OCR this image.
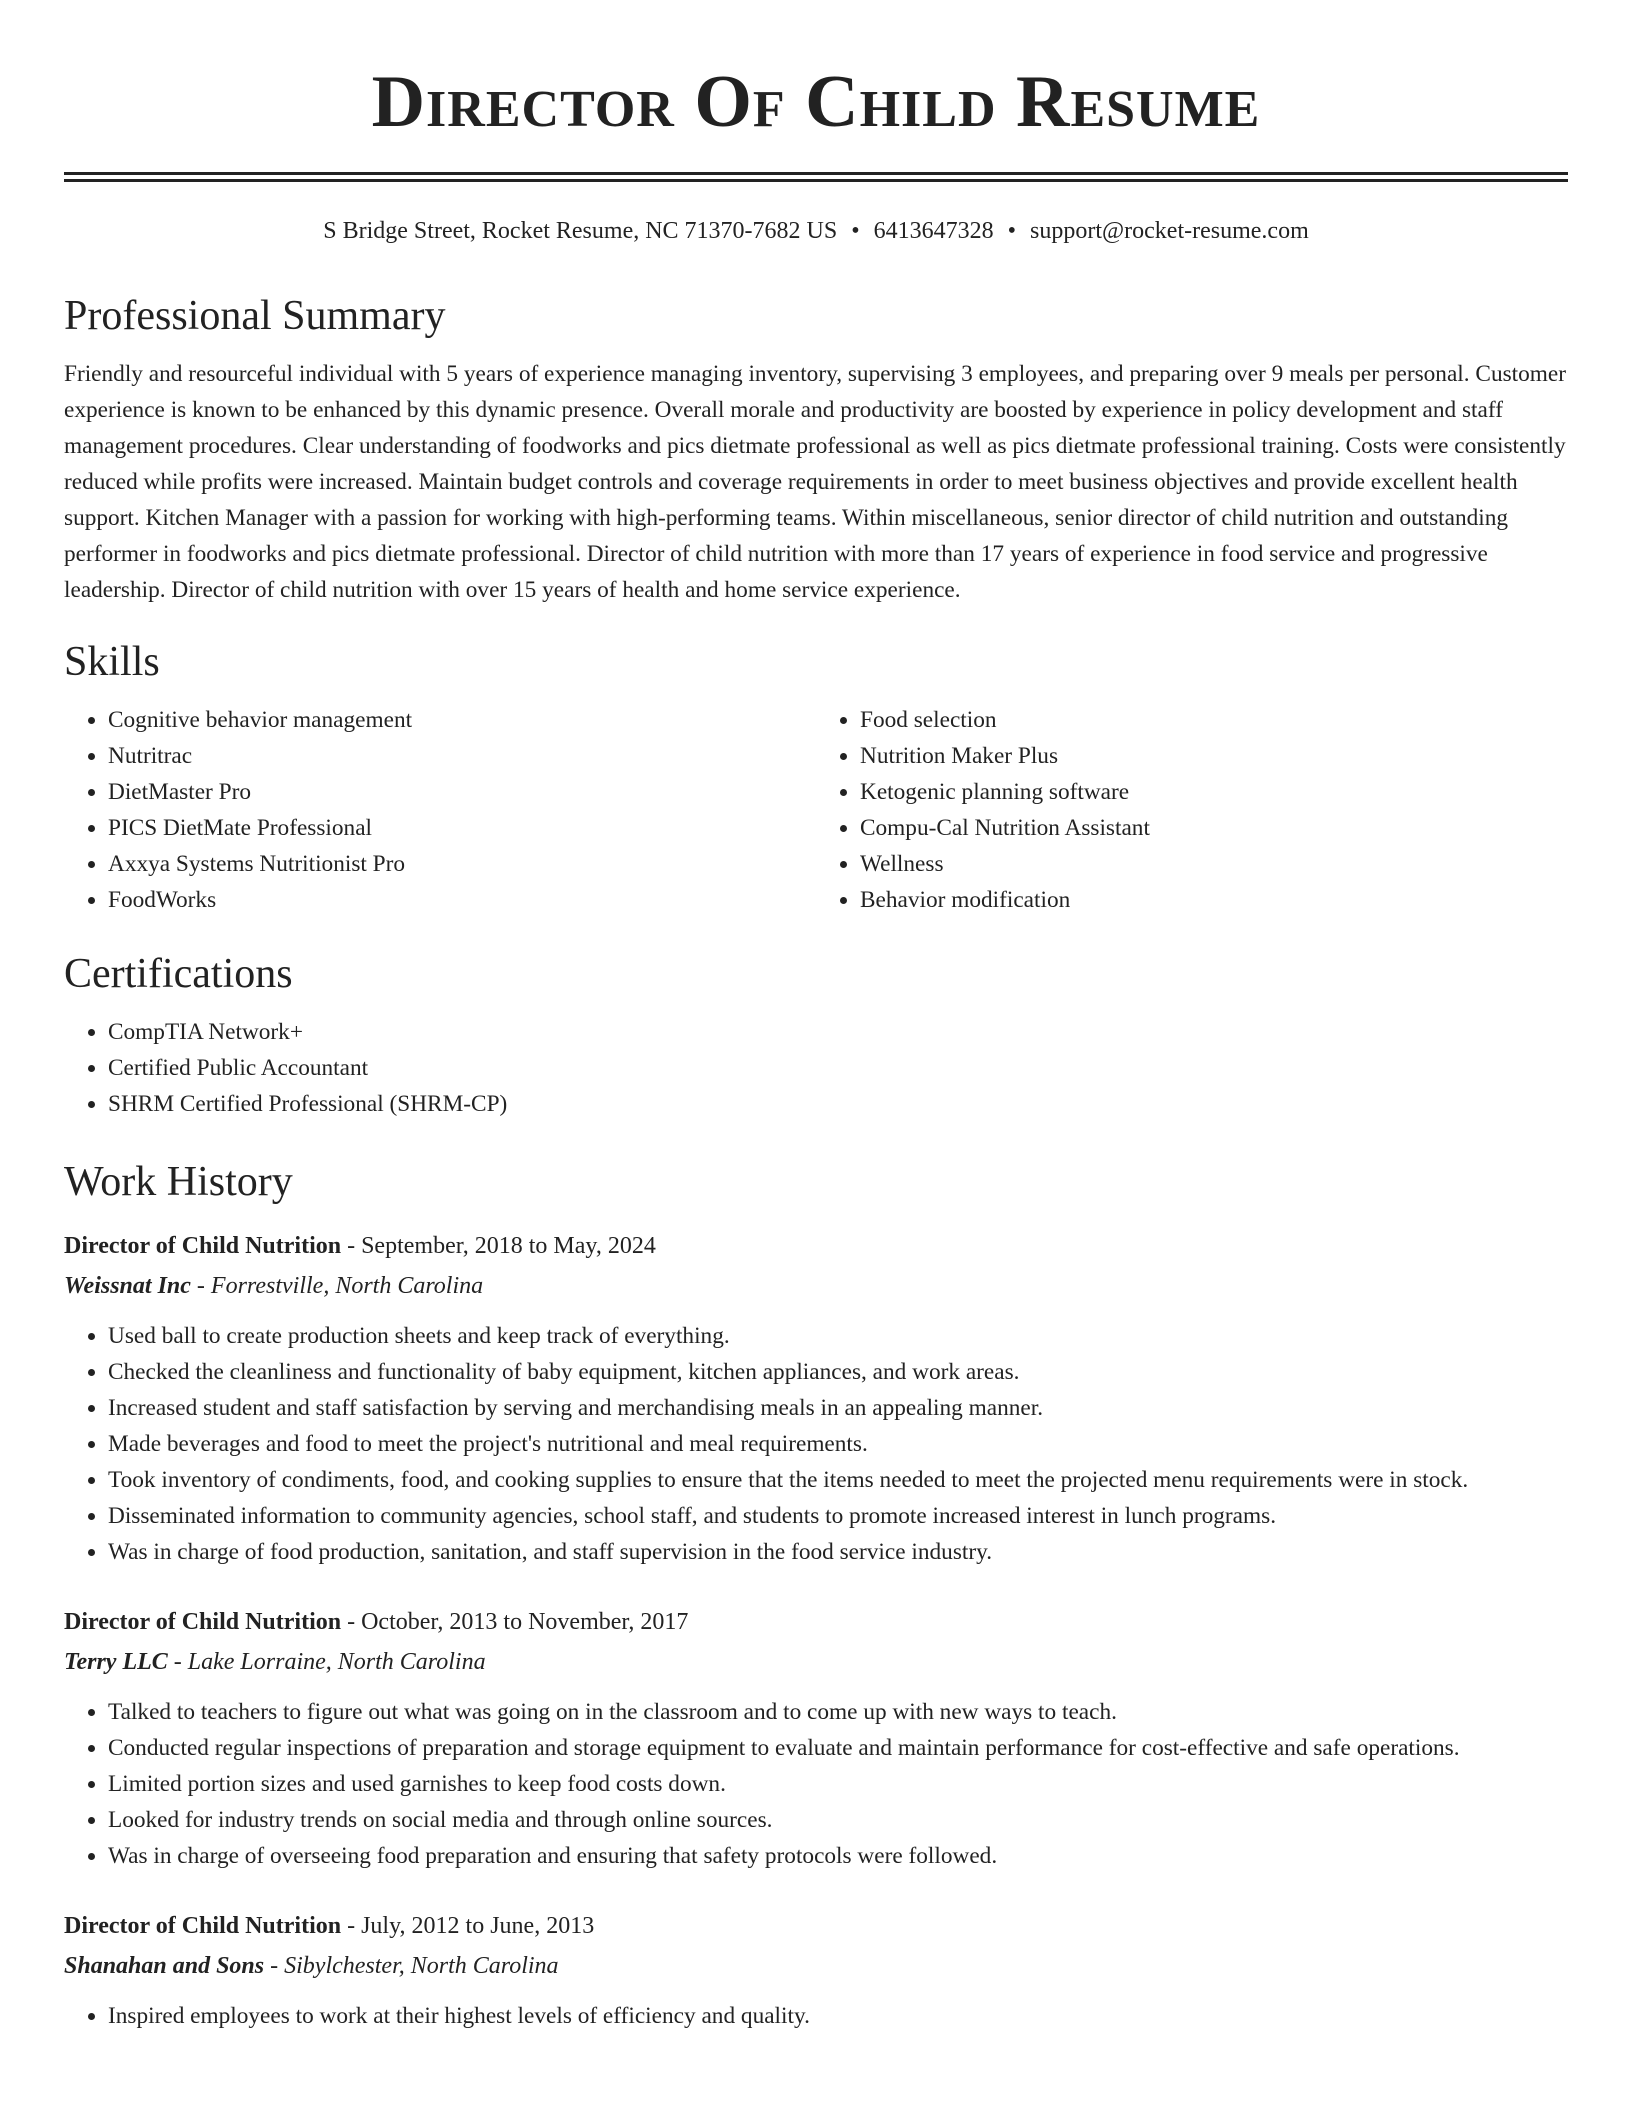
Director Of Child Resume
S Bridge Street, Rocket Resume, NC 71370-7682 US • 6413647328 • support@rocket-resume.com
Professional Summary

Friendly and resourceful individual with 5 years of experience managing inventory, supervising 3 employees, and preparing over 9 meals per personal. Customer experience is known to be enhanced by this dynamic presence. Overall morale and productivity are boosted by experience in policy development and staff management procedures. Clear understanding of foodworks and pics dietmate professional as well as pics dietmate professional training. Costs were consistently reduced while profits were increased. Maintain budget controls and coverage requirements in order to meet business objectives and provide excellent health support. Kitchen Manager with a passion for working with high-performing teams. Within miscellaneous, senior director of child nutrition and outstanding performer in foodworks and pics dietmate professional. Director of child nutrition with more than 17 years of experience in food service and progressive leadership. Director of child nutrition with over 15 years of health and home service experience.

Skills
• Cognitive behavior management
• Nutritrac
• DietMaster Pro
• PICS DietMate Professional
• Axxya Systems Nutritionist Pro
• FoodWorks
• Food selection
• Nutrition Maker Plus
• Ketogenic planning software
• Compu-Cal Nutrition Assistant
• Wellness
• Behavior modification
Certifications
• CompTIA Network+
• Certified Public Accountant
• SHRM Certified Professional (SHRM-CP)
Work History
Director of Child Nutrition - September, 2018 to May, 2024
Weissnat Inc - Forrestville, North Carolina
• Used ball to create production sheets and keep track of everything.
• Checked the cleanliness and functionality of baby equipment, kitchen appliances, and work areas.
• Increased student and staff satisfaction by serving and merchandising meals in an appealing manner.
• Made beverages and food to meet the project's nutritional and meal requirements.
• Took inventory of condiments, food, and cooking supplies to ensure that the items needed to meet the projected menu requirements were in stock.
• Disseminated information to community agencies, school staff, and students to promote increased interest in lunch programs.
• Was in charge of food production, sanitation, and staff supervision in the food service industry.
Director of Child Nutrition - October, 2013 to November, 2017
Terry LLC - Lake Lorraine, North Carolina
• Talked to teachers to figure out what was going on in the classroom and to come up with new ways to teach.
• Conducted regular inspections of preparation and storage equipment to evaluate and maintain performance for cost-effective and safe operations.
• Limited portion sizes and used garnishes to keep food costs down.
• Looked for industry trends on social media and through online sources.
• Was in charge of overseeing food preparation and ensuring that safety protocols were followed.
Director of Child Nutrition - July, 2012 to June, 2013
Shanahan and Sons - Sibylchester, North Carolina
• Inspired employees to work at their highest levels of efficiency and quality.
